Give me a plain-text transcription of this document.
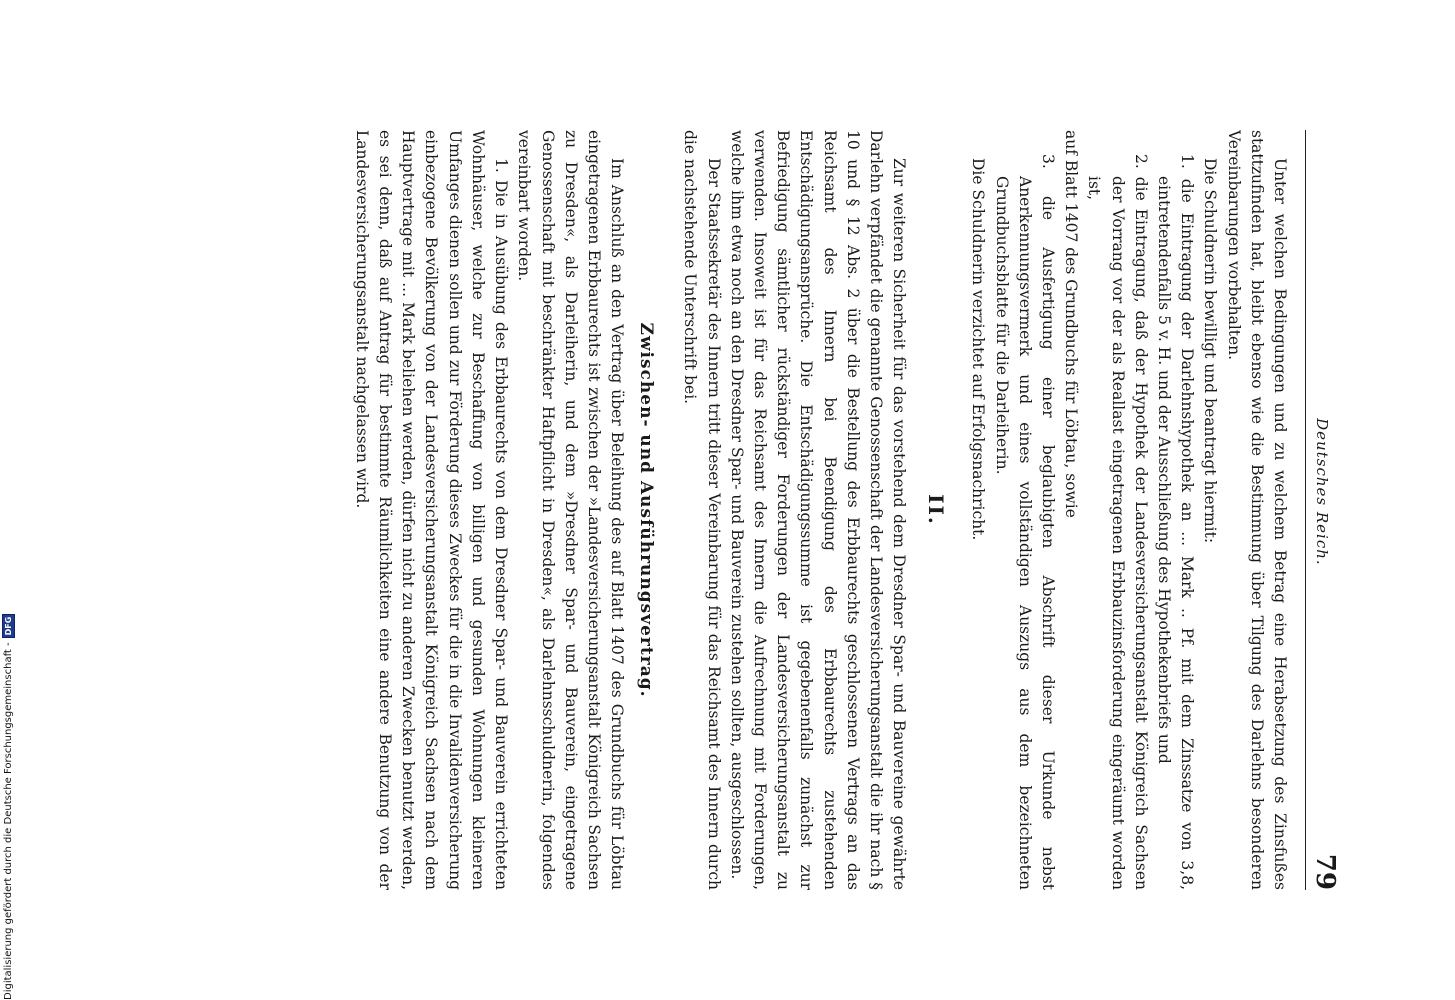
Digitalisierung gefördert durch die Deutsche Forschungsgemeinschaft -
DFG
Deutsches Reich.
79

Unter welchen Bedingungen und zu welchem Betrag eine Herabsetzung des Zinsfußes stattzufinden hat, bleibt ebenso wie die Bestimmung über Tilgung des Darlehns besonderen Vereinbarungen vorbehalten.

Die Schuldnerin bewilligt und beantragt hiermit:

1. die Eintragung der Darlehnshypothek an ... Mark .. Pf. mit dem Zinssatze von 3,8, eintretendenfalls 5 v. H. und der Ausschließung des Hypothekenbriefs und

2. die Eintragung, daß der Hypothek der Landesversicherungsanstalt Königreich Sachsen der Vorrang vor der als Reallast eingetragenen Erbbauzinsforderung eingeräumt worden ist,

auf Blatt 1407 des Grundbuchs für Löbtau, sowie

3. die Ausfertigung einer beglaubigten Abschrift dieser Urkunde nebst Anerkennungsvermerk und eines vollständigen Auszugs aus dem bezeichneten Grundbuchsblatte für die Darleiherin.

Die Schuldnerin verzichtet auf Erfolgsnachricht.

II.

Zur weiteren Sicherheit für das vorstehend dem Dresdner Spar- und Bauvereine gewährte Darlehn verpfändet die genannte Genossenschaft der Landesversicherungsanstalt die ihr nach § 10 und § 12 Abs. 2 über die Bestellung des Erbbaurechts geschlossenen Vertrags an das Reichsamt des Innern bei Beendigung des Erbbaurechts zustehenden Entschädigungsansprüche. Die Entschädigungssumme ist gegebenenfalls zunächst zur Befriedigung sämtlicher rückständiger Forderungen der Landesversicherungsanstalt zu verwenden. Insoweit ist für das Reichsamt des Innern die Aufrechnung mit Forderungen, welche ihm etwa noch an den Dresdner Spar- und Bauverein zustehen sollten, ausgeschlossen.

Der Staatssekretär des Innern tritt dieser Vereinbarung für das Reichsamt des Innern durch die nachstehende Unterschrift bei.

Zwischen- und Ausführungsvertrag.

Im Anschluß an den Vertrag über Beleihung des auf Blatt 1407 des Grundbuchs für Löbtau eingetragenen Erbbaurechts ist zwischen der »Landesversicherungsanstalt Königreich Sachsen zu Dresden«, als Darleiherin, und dem »Dresdner Spar- und Bauverein, eingetragene Genossenschaft mit beschränkter Haftpflicht in Dresden«, als Darlehnsschuldnerin, folgendes vereinbart worden.

1. Die in Ausübung des Erbbaurechts von dem Dresdner Spar- und Bauverein errichteten Wohnhäuser, welche zur Beschaffung von billigen und gesunden Wohnungen kleineren Umfanges dienen sollen und zur Förderung dieses Zweckes für die in die Invalidenversicherung einbezogene Bevölkerung von der Landesversicherungsanstalt Königreich Sachsen nach dem Hauptvertrage mit ... Mark beliehen werden, dürfen nicht zu anderen Zwecken benutzt werden, es sei denn, daß auf Antrag für bestimmte Räumlichkeiten eine andere Benutzung von der Landesversicherungsanstalt nachgelassen wird.
